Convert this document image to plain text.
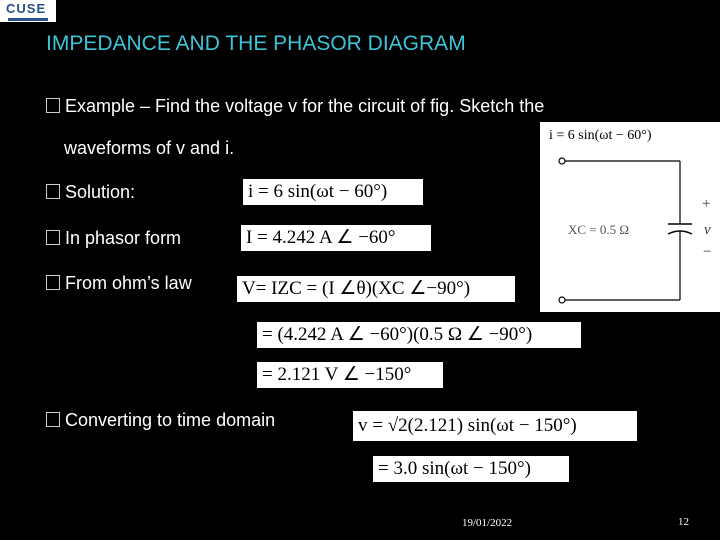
CUSE
IMPEDANCE AND THE PHASOR DIAGRAM
Example – Find the voltage v for the circuit of fig. Sketch the
waveforms of v and i.
Solution:	i = 6 sin(ωt − 60°)
In phasor form	I = 4.242 A ∠ −60°
From ohm’s law	V= IZC = (I ∠θ)(XC ∠−90°)
= (4.242 A ∠ −60°)(0.5 Ω ∠ −90°)
= 2.121 V ∠ −150°
Converting to time domain	v = √2(2.121) sin(ωt − 150°)
= 3.0 sin(ωt − 150°)
i = 6 sin(ωt − 60°)
XC = 0.5 Ω
+
v
−
19/01/2022	12
